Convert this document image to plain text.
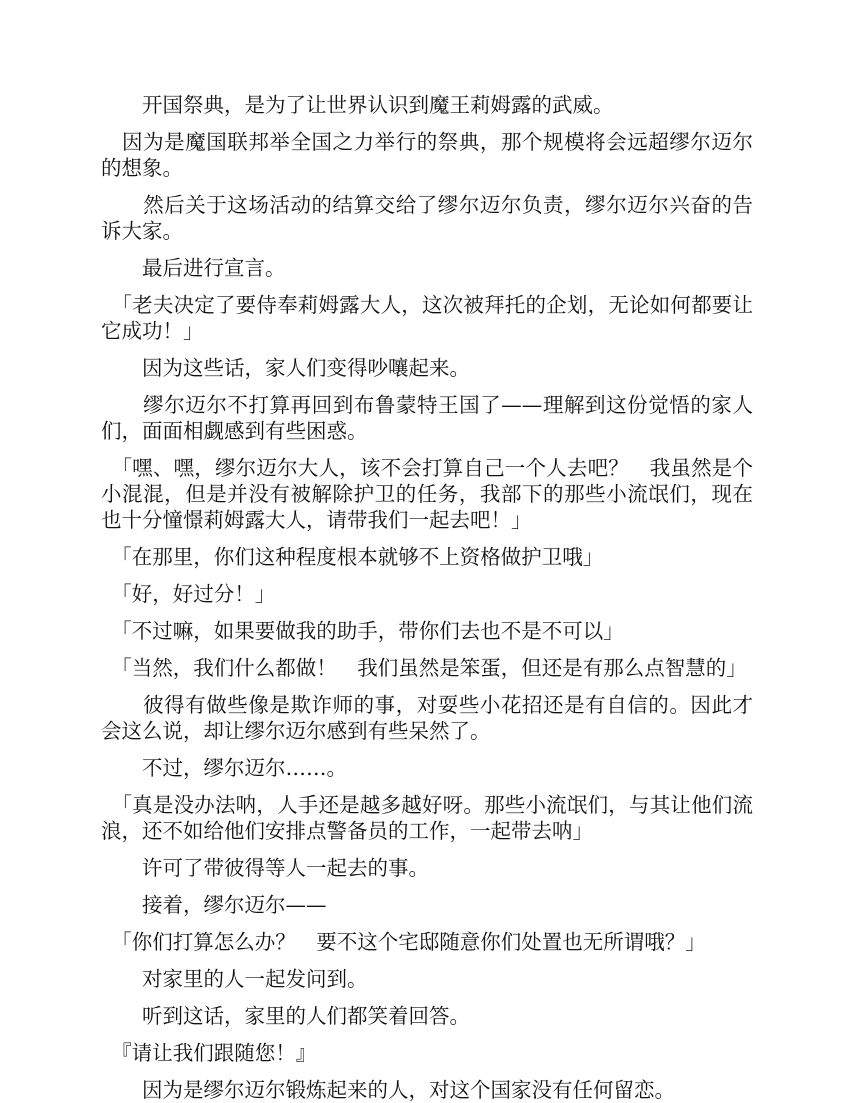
　　开国祭典，是为了让世界认识到魔王莉姆露的武威。

　因为是魔国联邦举全国之力举行的祭典，那个规模将会远超缪尔迈尔的想象。

　　然后关于这场活动的结算交给了缪尔迈尔负责，缪尔迈尔兴奋的告诉大家。

　　最后进行宣言。

　「老夫决定了要侍奉莉姆露大人，这次被拜托的企划，无论如何都要让它成功！」

　　因为这些话，家人们变得吵嚷起来。

　　缪尔迈尔不打算再回到布鲁蒙特王国了——理解到这份觉悟的家人们，面面相觑感到有些困惑。

　「嘿、嘿，缪尔迈尔大人，该不会打算自己一个人去吧？　我虽然是个小混混，但是并没有被解除护卫的任务，我部下的那些小流氓们，现在也十分憧憬莉姆露大人，请带我们一起去吧！」

　「在那里，你们这种程度根本就够不上资格做护卫哦」

　「好，好过分！」

　「不过嘛，如果要做我的助手，带你们去也不是不可以」

　「当然，我们什么都做！　我们虽然是笨蛋，但还是有那么点智慧的」

　　彼得有做些像是欺诈师的事，对耍些小花招还是有自信的。因此才会这么说，却让缪尔迈尔感到有些呆然了。

　　不过，缪尔迈尔……。

　「真是没办法呐，人手还是越多越好呀。那些小流氓们，与其让他们流浪，还不如给他们安排点警备员的工作，一起带去呐」

　　许可了带彼得等人一起去的事。

　　接着，缪尔迈尔——

　「你们打算怎么办？　要不这个宅邸随意你们处置也无所谓哦？」

　　对家里的人一起发问到。

　　听到这话，家里的人们都笑着回答。

　『请让我们跟随您！』

　　因为是缪尔迈尔锻炼起来的人，对这个国家没有任何留恋。
